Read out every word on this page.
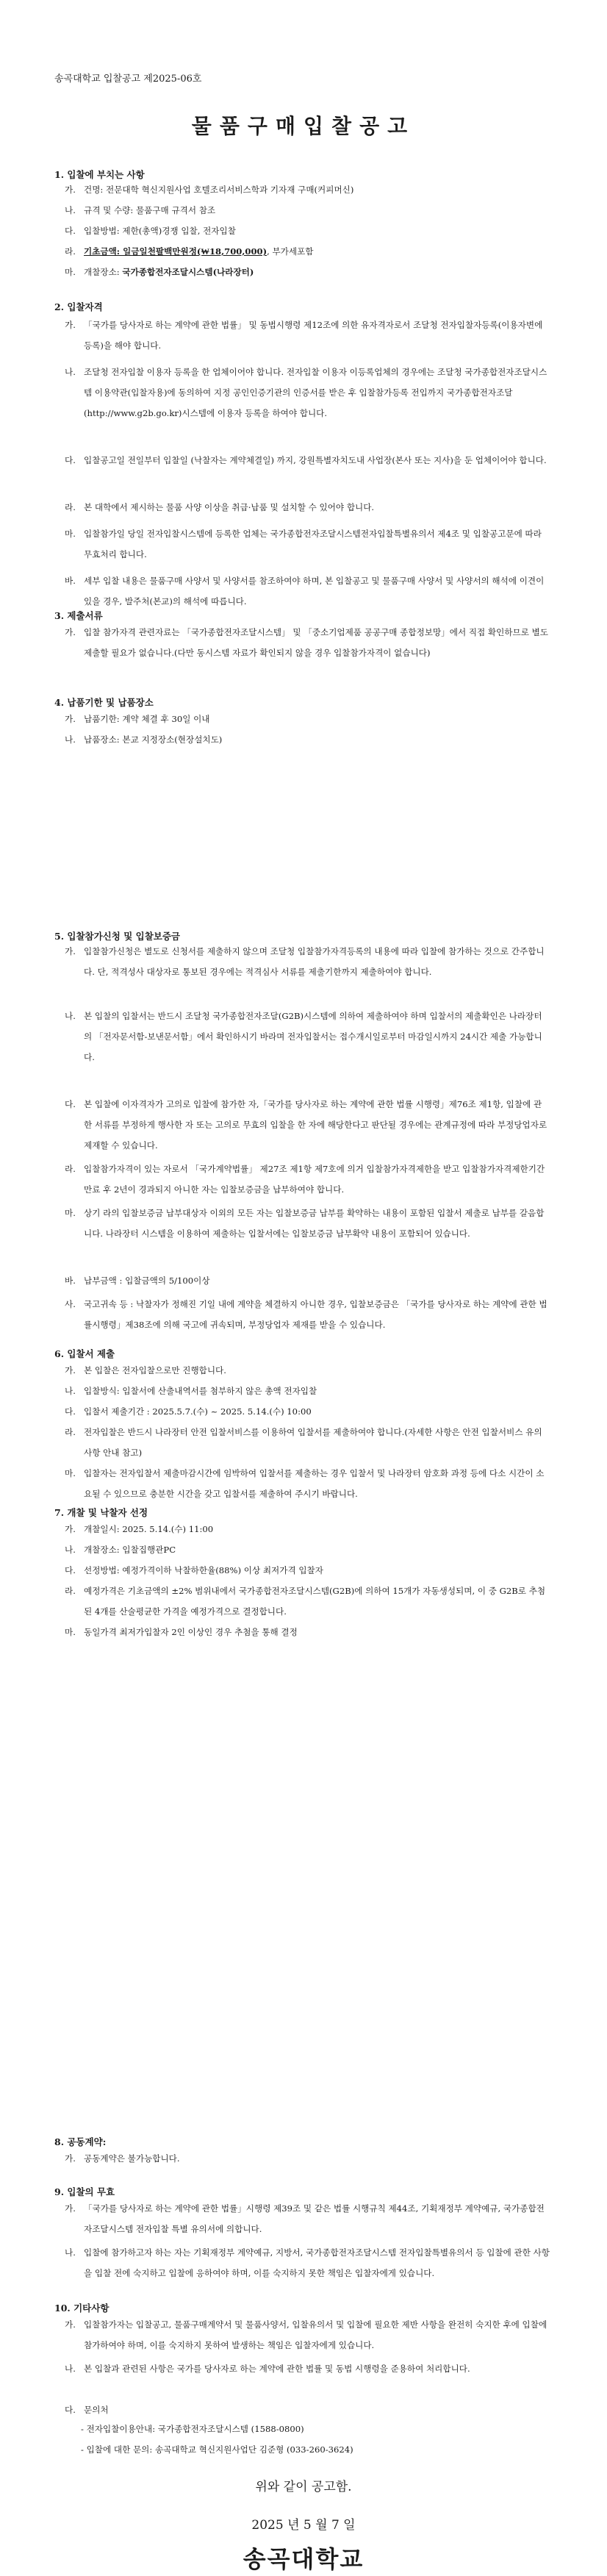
송곡대학교 입찰공고 제2025-06호
물품구매입찰공고
1. 입찰에 부치는 사항
가. 건명: 전문대학 혁신지원사업 호텔조리서비스학과 기자재 구매(커피머신)
나. 규격 및 수량: 물품구매 규격서 참조
다. 입찰방법: 제한(총액)경쟁 입찰, 전자입찰
라. 기초금액: 일금일천팔백만원정(₩18,700,000), 부가세포함
마. 개찰장소: 국가종합전자조달시스템(나라장터)
2. 입찰자격
가. 「국가를 당사자로 하는 계약에 관한 법률」 및 동법시행령 제12조에 의한 유자격자로서 조달청 전자입찰자등록(이용자변에 등록)을 해야 합니다.
나. 조달청 전자입찰 이용자 등록을 한 업체이어야 합니다. 전자입찰 이용자 이등록업체의 경우에는 조달청 국가종합전자조달시스템 이용약관(입찰자용)에 동의하여 지정 공인인증기관의 인증서를 받은 후 입찰참가등록 전입까지 국가종합전자조달(http://www.g2b.go.kr)시스템에 이용자 등록을 하여야 합니다.
다. 입찰공고일 전일부터 입찰일 (낙찰자는 계약체결일) 까지, 강원특별자치도내 사업장(본사 또는 지사)을 둔 업체이어야 합니다.
라. 본 대학에서 제시하는 물품 사양 이상을 취급·납품 및 설치할 수 있어야 합니다.
마. 입찰참가일 당일 전자입찰시스템에 등록한 업체는 국가종합전자조달시스템전자입찰특별유의서 제4조 및 입찰공고문에 따라 무효처리 합니다.
바. 세부 입찰 내용은 물품구매 사양서 및 사양서를 참조하여야 하며, 본 입찰공고 및 물품구매 사양서 및 사양서의 해석에 이견이 있을 경우, 발주처(본교)의 해석에 따릅니다.
3. 제출서류
가. 입찰 참가자격 관련자료는 「국가종합전자조달시스템」 및 「중소기업제품 공공구매 종합정보망」에서 직접 확인하므로 별도 제출할 필요가 없습니다.(다만 동시스템 자료가 확인되지 않을 경우 입찰참가자격이 없습니다)
4. 납품기한 및 납품장소
가. 납품기한: 계약 체결 후 30일 이내
나. 납품장소: 본교 지정장소(현장설치도)
5. 입찰참가신청 및 입찰보증금
가. 입찰참가신청은 별도로 신청서를 제출하지 않으며 조달청 입찰참가자격등록의 내용에 따라 입찰에 참가하는 것으로 간주합니다. 단, 적격성사 대상자로 통보된 경우에는 적격심사 서류를 제출기한까지 제출하여야 합니다.
나. 본 입찰의 입찰서는 반드시 조달청 국가종합전자조달(G2B)시스템에 의하여 제출하여야 하며 입찰서의 제출확인은 나라장터의 「전자문서함-보낸문서함」에서 확인하시기 바라며 전자입찰서는 접수개시일로부터 마감일시까지 24시간 제출 가능합니다.
다. 본 입찰에 이자격자가 고의로 입찰에 참가한 자,「국가를 당사자로 하는 계약에 관한 법률 시행령」제76조 제1항, 입찰에 관한 서류를 부정하게 행사한 자 또는 고의로 무효의 입찰을 한 자에 해당한다고 판단될 경우에는 관계규정에 따라 부정당업자로 제재할 수 있습니다.
라. 입찰참가자격이 있는 자로서 「국가계약법률」 제27조 제1항 제7호에 의거 입찰참가자격제한을 받고 입찰참가자격제한기간 만료 후 2년이 경과되지 아니한 자는 입찰보증금을 납부하여야 합니다.
마. 상기 라의 입찰보증금 납부대상자 이외의 모든 자는 입찰보증금 납부를 확약하는 내용이 포함된 입찰서 제출로 납부를 갈음합니다. 나라장터 시스템을 이용하여 제출하는 입찰서에는 입찰보증금 납부확약 내용이 포함되어 있습니다.
바. 납부금액 : 입찰금액의 5/100이상
사. 국고귀속 등 : 낙찰자가 정해진 기일 내에 계약을 체결하지 아니한 경우, 입찰보증금은 「국가를 당사자로 하는 계약에 관한 법률시행령」제38조에 의해 국고에 귀속되며, 부정당업자 제재를 받을 수 있습니다.
6. 입찰서 제출
가. 본 입찰은 전자입찰으로만 진행합니다.
나. 입찰방식: 입찰서에 산출내역서를 첨부하지 않은 총액 전자입찰
다. 입찰서 제출기간 : 2025.5.7.(수) ~ 2025. 5.14.(수) 10:00
라. 전자입찰은 반드시 나라장터 안전 입찰서비스를 이용하여 입찰서를 제출하여야 합니다.(자세한 사항은 안전 입찰서비스 유의사항 안내 참고)
마. 입찰자는 전자입찰서 제출마감시간에 임박하여 입찰서를 제출하는 경우 입찰서 및 나라장터 암호화 과정 등에 다소 시간이 소요될 수 있으므로 충분한 시간을 갖고 입찰서를 제출하여 주시기 바랍니다.
7. 개찰 및 낙찰자 선정
가. 개찰일시: 2025. 5.14.(수) 11:00
나. 개찰장소: 입찰집행관PC
다. 선정방법: 예정가격이하 낙찰하한율(88%) 이상 최저가격 입찰자
라. 예정가격은 기초금액의 ±2% 범위내에서 국가종합전자조달시스템(G2B)에 의하여 15개가 자동생성되며, 이 중 G2B로 추첨된 4개를 산술평균한 가격을 예정가격으로 결정합니다.
마. 동일가격 최저가입찰자 2인 이상인 경우 추첨을 통해 결정
8. 공동계약:
가. 공동계약은 불가능합니다.
9. 입찰의 무효
가. 「국가를 당사자로 하는 계약에 관한 법률」시행령 제39조 및 같은 법률 시행규칙 제44조, 기획재정부 계약예규, 국가종합전자조달시스템 전자입찰 특별 유의서에 의합니다.
나. 입찰에 참가하고자 하는 자는 기획재정부 계약예규, 지방서, 국가종합전자조달시스템 전자입찰특별유의서 등 입찰에 관한 사항을 입찰 전에 숙지하고 입찰에 응하여야 하며, 이를 숙지하지 못한 책임은 입찰자에게 있습니다.
10. 기타사항
가. 입찰참가자는 입찰공고, 물품구매계약서 및 물품사양서, 입찰유의서 및 입찰에 필요한 제반 사항을 완전히 숙지한 후에 입찰에 참가하여야 하며, 이를 숙지하지 못하여 발생하는 책임은 입찰자에게 있습니다.
나. 본 입찰과 관련된 사항은 국가를 당사자로 하는 계약에 관한 법률 및 동법 시행령을 준용하여 처리합니다.
다. 문의처
- 전자입찰이용안내: 국가종합전자조달시스템 (1588-0800)
- 입찰에 대한 문의: 송곡대학교 혁신지원사업단 김준형 (033-260-3624)
위와 같이 공고함.
2025 년 5 월 7 일
송곡대학교
